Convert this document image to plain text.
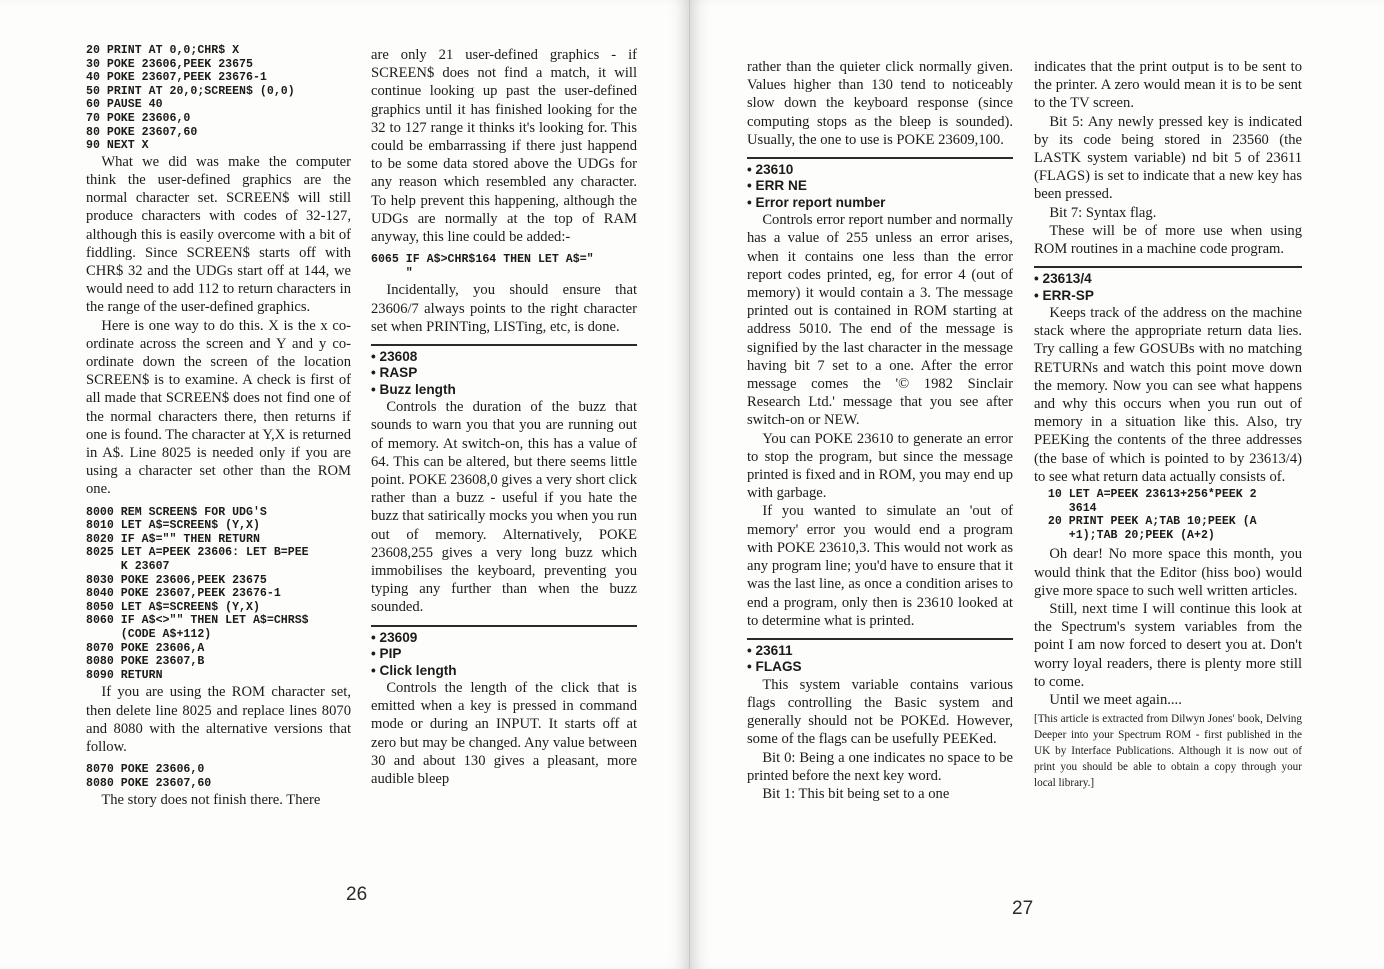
20 PRINT AT 0,0;CHR$ X
30 POKE 23606,PEEK 23675
40 POKE 23607,PEEK 23676-1
50 PRINT AT 20,0;SCREEN$ (0,0)
60 PAUSE 40
70 POKE 23606,0
80 POKE 23607,60
90 NEXT X

What we did was make the computer think the user-defined graphics are the normal character set. SCREEN$ will still produce characters with codes of 32-127, although this is easily overcome with a bit of fiddling. Since SCREEN$ starts off with CHR$ 32 and the UDGs start off at 144, we would need to add 112 to return characters in the range of the user-defined graphics.

Here is one way to do this. X is the x co-ordinate across the screen and Y and y co-ordinate down the screen of the location SCREEN$ is to examine. A check is first of all made that SCREEN$ does not find one of the normal characters there, then returns if one is found. The character at Y,X is returned in A$. Line 8025 is needed only if you are using a character set other than the ROM one.

8000 REM SCREEN$ FOR UDG'S
8010 LET A$=SCREEN$ (Y,X)
8020 IF A$="" THEN RETURN
8025 LET A=PEEK 23606: LET B=PEE
K 23607
8030 POKE 23606,PEEK 23675
8040 POKE 23607,PEEK 23676-1
8050 LET A$=SCREEN$ (Y,X)
8060 IF A$<>"" THEN LET A$=CHRS$
(CODE A$+112)
8070 POKE 23606,A
8080 POKE 23607,B
8090 RETURN

If you are using the ROM character set, then delete line 8025 and replace lines 8070 and 8080 with the alternative versions that follow.

8070 POKE 23606,0
8080 POKE 23607,60

The story does not finish there. There

are only 21 user-defined graphics - if SCREEN$ does not find a match, it will continue looking up past the user-defined graphics until it has finished looking for the 32 to 127 range it thinks it's looking for. This could be embarrassing if there just happend to be some data stored above the UDGs for any reason which resembled any character. To help prevent this happening, although the UDGs are normally at the top of RAM anyway, this line could be added:-

6065 IF A$>CHR$164 THEN LET A$="
"

Incidentally, you should ensure that 23606/7 always points to the right character set when PRINTing, LISTing, etc, is done.

• 23608
• RASP
• Buzz length

Controls the duration of the buzz that sounds to warn you that you are running out of memory. At switch-on, this has a value of 64. This can be altered, but there seems little point. POKE 23608,0 gives a very short click rather than a buzz - useful if you hate the buzz that satirically mocks you when you run out of memory. Alternatively, POKE 23608,255 gives a very long buzz which immobilises the keyboard, preventing you typing any further than when the buzz sounded.

• 23609
• PIP
• Click length

Controls the length of the click that is emitted when a key is pressed in command mode or during an INPUT. It starts off at zero but may be changed. Any value between 30 and about 130 gives a pleasant, more audible bleep

26

rather than the quieter click normally given. Values higher than 130 tend to noticeably slow down the keyboard response (since computing stops as the bleep is sounded). Usually, the one to use is POKE 23609,100.

• 23610
• ERR NE
• Error report number

Controls error report number and normally has a value of 255 unless an error arises, when it contains one less than the error report codes printed, eg, for error 4 (out of memory) it would contain a 3. The message printed out is contained in ROM starting at address 5010. The end of the message is signified by the last character in the message having bit 7 set to a one. After the error message comes the '© 1982 Sinclair Research Ltd.' message that you see after switch-on or NEW.

You can POKE 23610 to generate an error to stop the program, but since the message printed is fixed and in ROM, you may end up with garbage.

If you wanted to simulate an 'out of memory' error you would end a program with POKE 23610,3. This would not work as any program line; you'd have to ensure that it was the last line, as once a condition arises to end a program, only then is 23610 looked at to determine what is printed.

• 23611
• FLAGS

This system variable contains various flags controlling the Basic system and generally should not be POKEd. However, some of the flags can be usefully PEEKed.

Bit 0: Being a one indicates no space to be printed before the next key word.

Bit 1: This bit being set to a one

indicates that the print output is to be sent to the printer. A zero would mean it is to be sent to the TV screen.

Bit 5: Any newly pressed key is indicated by its code being stored in 23560 (the LASTK system variable) nd bit 5 of 23611 (FLAGS) is set to indicate that a new key has been pressed.

Bit 7: Syntax flag.

These will be of more use when using ROM routines in a machine code program.

• 23613/4
• ERR-SP

Keeps track of the address on the machine stack where the appropriate return data lies. Try calling a few GOSUBs with no matching RETURNs and watch this point move down the memory. Now you can see what happens and why this occurs when you run out of memory in a situation like this. Also, try PEEKing the contents of the three addresses (the base of which is pointed to by 23613/4) to see what return data actually consists of.

10 LET A=PEEK 23613+256*PEEK 2
3614
20 PRINT PEEK A;TAB 10;PEEK (A
+1);TAB 20;PEEK (A+2)

Oh dear! No more space this month, you would think that the Editor (hiss boo) would give more space to such well written articles.

Still, next time I will continue this look at the Spectrum's system variables from the point I am now forced to desert you at. Don't worry loyal readers, there is plenty more still to come.

Until we meet again....

[This article is extracted from Dilwyn Jones' book, Delving Deeper into your Spectrum ROM - first published in the UK by Interface Publications. Although it is now out of print you should be able to obtain a copy through your local library.]

27
